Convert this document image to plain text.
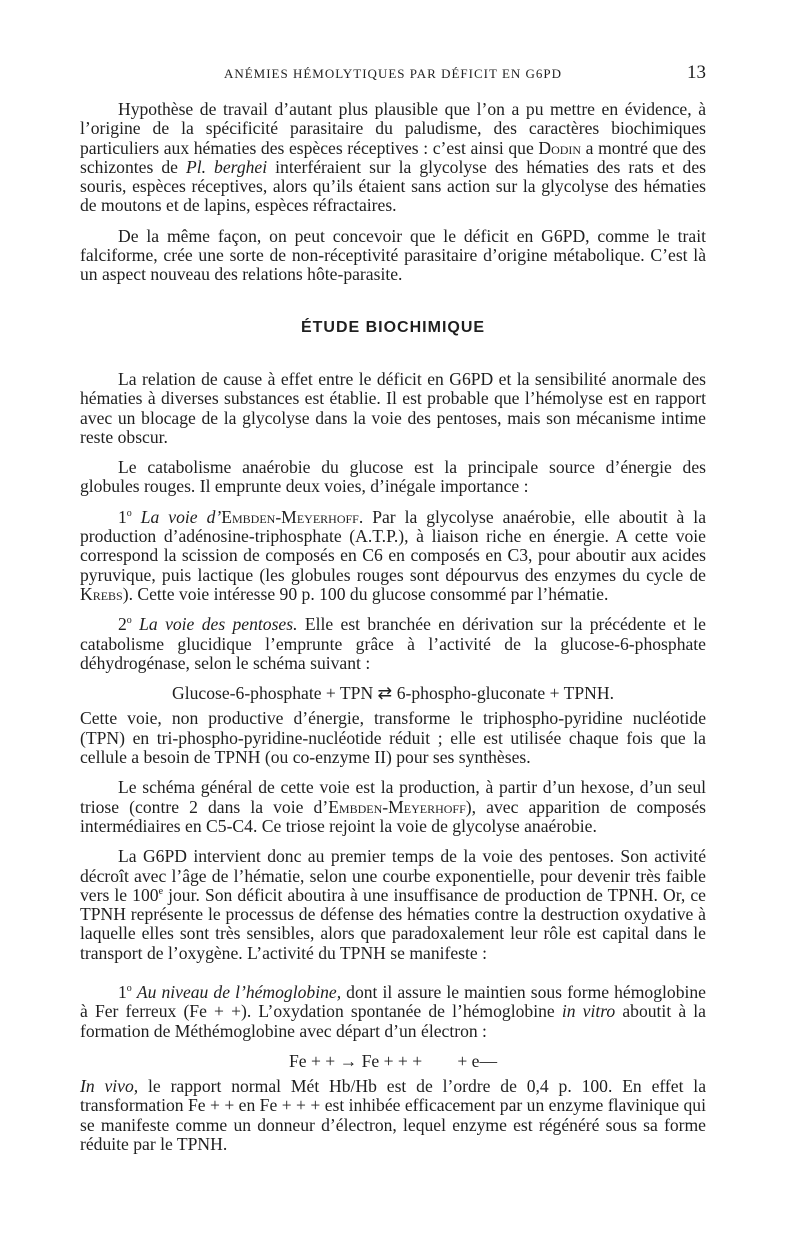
ANÉMIES HÉMOLYTIQUES PAR DÉFICIT EN G6PD	13

Hypothèse de travail d’autant plus plausible que l’on a pu mettre en évidence, à l’origine de la spécificité parasitaire du paludisme, des caractères biochimiques particuliers aux hématies des espèces réceptives : c’est ainsi que Dodin a montré que des schizontes de Pl. berghei interféraient sur la glycolyse des hématies des rats et des souris, espèces réceptives, alors qu’ils étaient sans action sur la glycolyse des hématies de moutons et de lapins, espèces réfractaires.

De la même façon, on peut concevoir que le déficit en G6PD, comme le trait falciforme, crée une sorte de non-réceptivité parasitaire d’origine métabolique. C’est là un aspect nouveau des relations hôte-parasite.

ÉTUDE BIOCHIMIQUE

La relation de cause à effet entre le déficit en G6PD et la sensibilité anormale des hématies à diverses substances est établie. Il est probable que l’hémolyse est en rapport avec un blocage de la glycolyse dans la voie des pentoses, mais son mécanisme intime reste obscur.

Le catabolisme anaérobie du glucose est la principale source d’énergie des globules rouges. Il emprunte deux voies, d’inégale importance :

1$^o$ La voie d’Embden-Meyerhoff. Par la glycolyse anaérobie, elle aboutit à la production d’adénosine-triphosphate (A.T.P.), à liaison riche en énergie. A cette voie correspond la scission de composés en C6 en composés en C3, pour aboutir aux acides pyruvique, puis lactique (les globules rouges sont dépourvus des enzymes du cycle de Krebs). Cette voie intéresse 90 p. 100 du glucose consommé par l’hématie.

2$^o$ La voie des pentoses. Elle est branchée en dérivation sur la précédente et le catabolisme glucidique l’emprunte grâce à l’activité de la glucose-6-phosphate déhydrogénase, selon le schéma suivant :

Glucose-6-phosphate + TPN ⇄ 6-phospho-gluconate + TPNH.

Cette voie, non productive d’énergie, transforme le triphospho-pyridine nucléotide (TPN) en tri-phospho-pyridine-nucléotide réduit ; elle est utilisée chaque fois que la cellule a besoin de TPNH (ou co-enzyme II) pour ses synthèses.

Le schéma général de cette voie est la production, à partir d’un hexose, d’un seul triose (contre 2 dans la voie d’Embden-Meyerhoff), avec apparition de composés intermédiaires en C5-C4. Ce triose rejoint la voie de glycolyse anaérobie.

La G6PD intervient donc au premier temps de la voie des pentoses. Son activité décroît avec l’âge de l’hématie, selon une courbe exponentielle, pour devenir très faible vers le 100e jour. Son déficit aboutira à une insuffisance de production de TPNH. Or, ce TPNH représente le processus de défense des hématies contre la destruction oxydative à laquelle elles sont très sensibles, alors que paradoxalement leur rôle est capital dans le transport de l’oxygène. L’activité du TPNH se manifeste :

1$^o$ Au niveau de l’hémoglobine, dont il assure le maintien sous forme hémoglobine à Fer ferreux (Fe + +). L’oxydation spontanée de l’hémoglobine in vitro aboutit à la formation de Méthémoglobine avec départ d’un électron :

Fe + + → Fe + + +        + e—

In vivo, le rapport normal Mét Hb/Hb est de l’ordre de 0,4 p. 100. En effet la transformation Fe + + en Fe + + + est inhibée efficacement par un enzyme flavinique qui se manifeste comme un donneur d’électron, lequel enzyme est régénéré sous sa forme réduite par le TPNH.
